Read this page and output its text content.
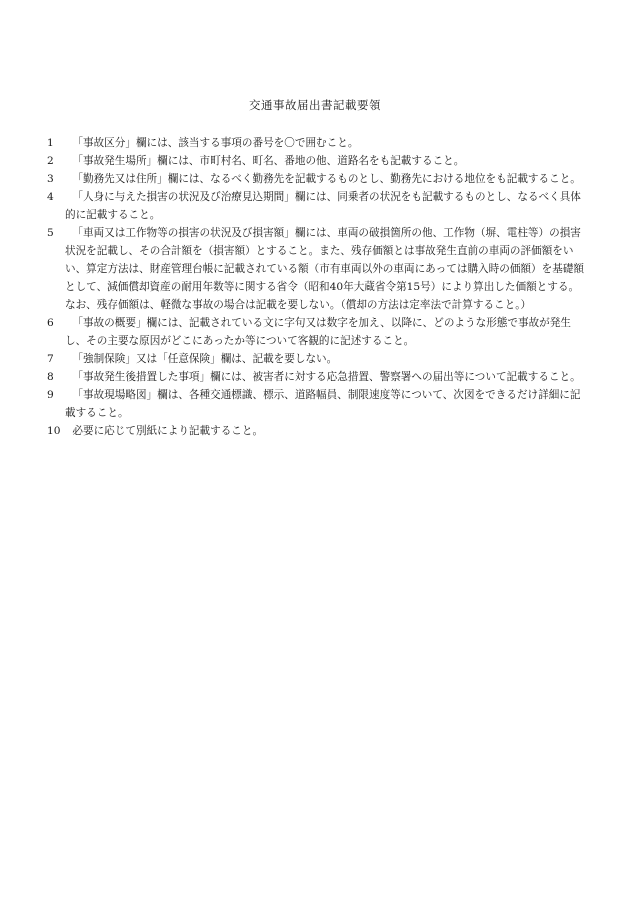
交通事故届出書記載要領
1	「事故区分」欄には、該当する事項の番号を〇で囲むこと。
2	「事故発生場所」欄には、市町村名、町名、番地の他、道路名をも記載すること。
3	「勤務先又は住所」欄には、なるべく勤務先を記載するものとし、勤務先における地位をも記載すること。
4	「人身に与えた損害の状況及び治療見込期間」欄には、同乗者の状況をも記載するものとし、なるべく具体的に記載すること。
5	「車両又は工作物等の損害の状況及び損害額」欄には、車両の破損箇所の他、工作物（塀、電柱等）の損害状況を記載し、その合計額を（損害額）とすること。また、残存価額とは事故発生直前の車両の評価額をいい、算定方法は、財産管理台帳に記載されている額（市有車両以外の車両にあっては購入時の価額）を基礎額として、減価償却資産の耐用年数等に関する省令（昭和40年大蔵省令第15号）により算出した価額とする。なお、残存価額は、軽微な事故の場合は記載を要しない。（償却の方法は定率法で計算すること。）
6	「事故の概要」欄には、記載されている文に字句又は数字を加え、以降に、どのような形態で事故が発生し、その主要な原因がどこにあったか等について客観的に記述すること。
7	「強制保険」又は「任意保険」欄は、記載を要しない。
8	「事故発生後措置した事項」欄には、被害者に対する応急措置、警察署への届出等について記載すること。
9	「事故現場略図」欄は、各種交通標識、標示、道路幅員、制限速度等について、次図をできるだけ詳細に記載すること。
10	必要に応じて別紙により記載すること。
